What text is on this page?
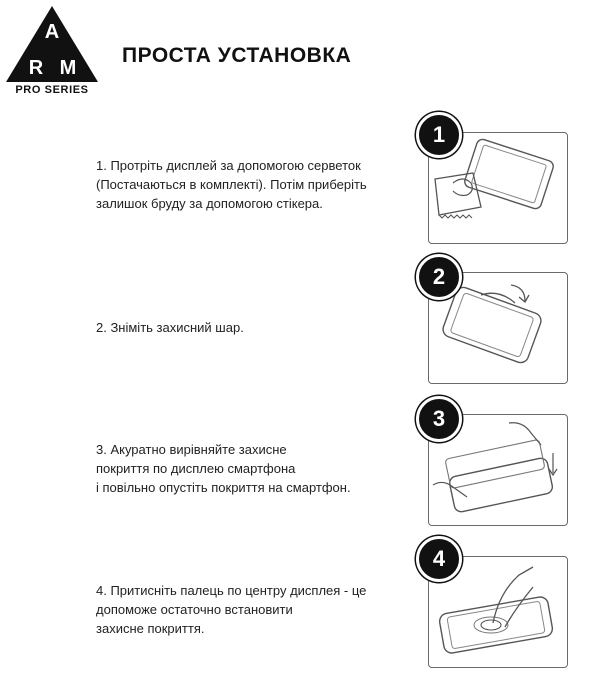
A
R M
PRO SERIES
ПРОСТА УСТАНОВКА
1. Протріть дисплей за допомогою серветок
(Постачаються в комплекті). Потім приберіть
залишок бруду за допомогою стікера.
1
2. Зніміть захисний шар.
2
3. Акуратно вирівняйте захисне
покриття по дисплею смартфона
і повільно опустіть покриття на смартфон.
3
4. Притисніть палець по центру дисплея - це
допоможе остаточно встановити
захисне покриття.
4
